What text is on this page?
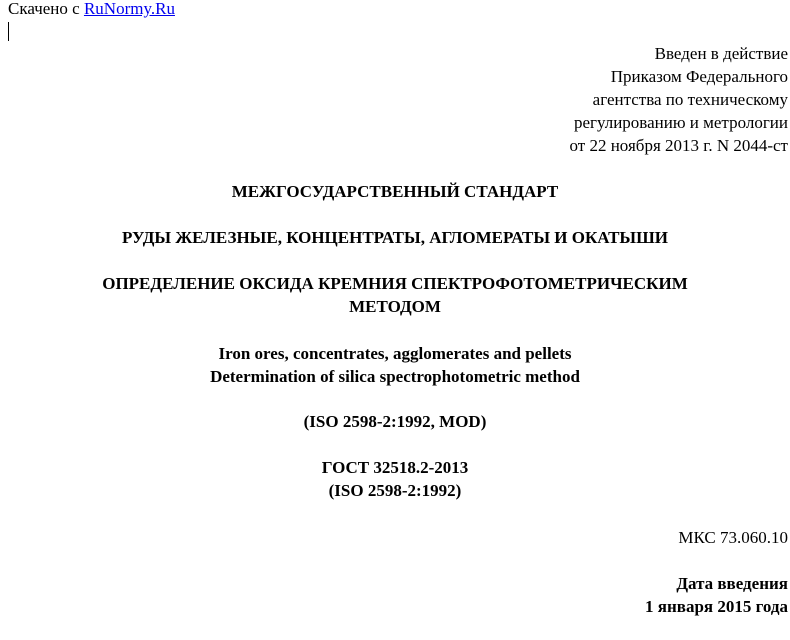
Скачено с RuNormy.Ru
Введен в действие
Приказом Федерального
агентства по техническому
регулированию и метрологии
от 22 ноября 2013 г. N 2044-ст
МЕЖГОСУДАРСТВЕННЫЙ СТАНДАРТ
РУДЫ ЖЕЛЕЗНЫЕ, КОНЦЕНТРАТЫ, АГЛОМЕРАТЫ И ОКАТЫШИ
ОПРЕДЕЛЕНИЕ ОКСИДА КРЕМНИЯ СПЕКТРОФОТОМЕТРИЧЕСКИМ
МЕТОДОМ
Iron ores, concentrates, agglomerates and pellets
Determination of silica spectrophotometric method
(ISO 2598-2:1992, MOD)
ГОСТ 32518.2-2013
(ISO 2598-2:1992)
МКС 73.060.10
Дата введения
1 января 2015 года
